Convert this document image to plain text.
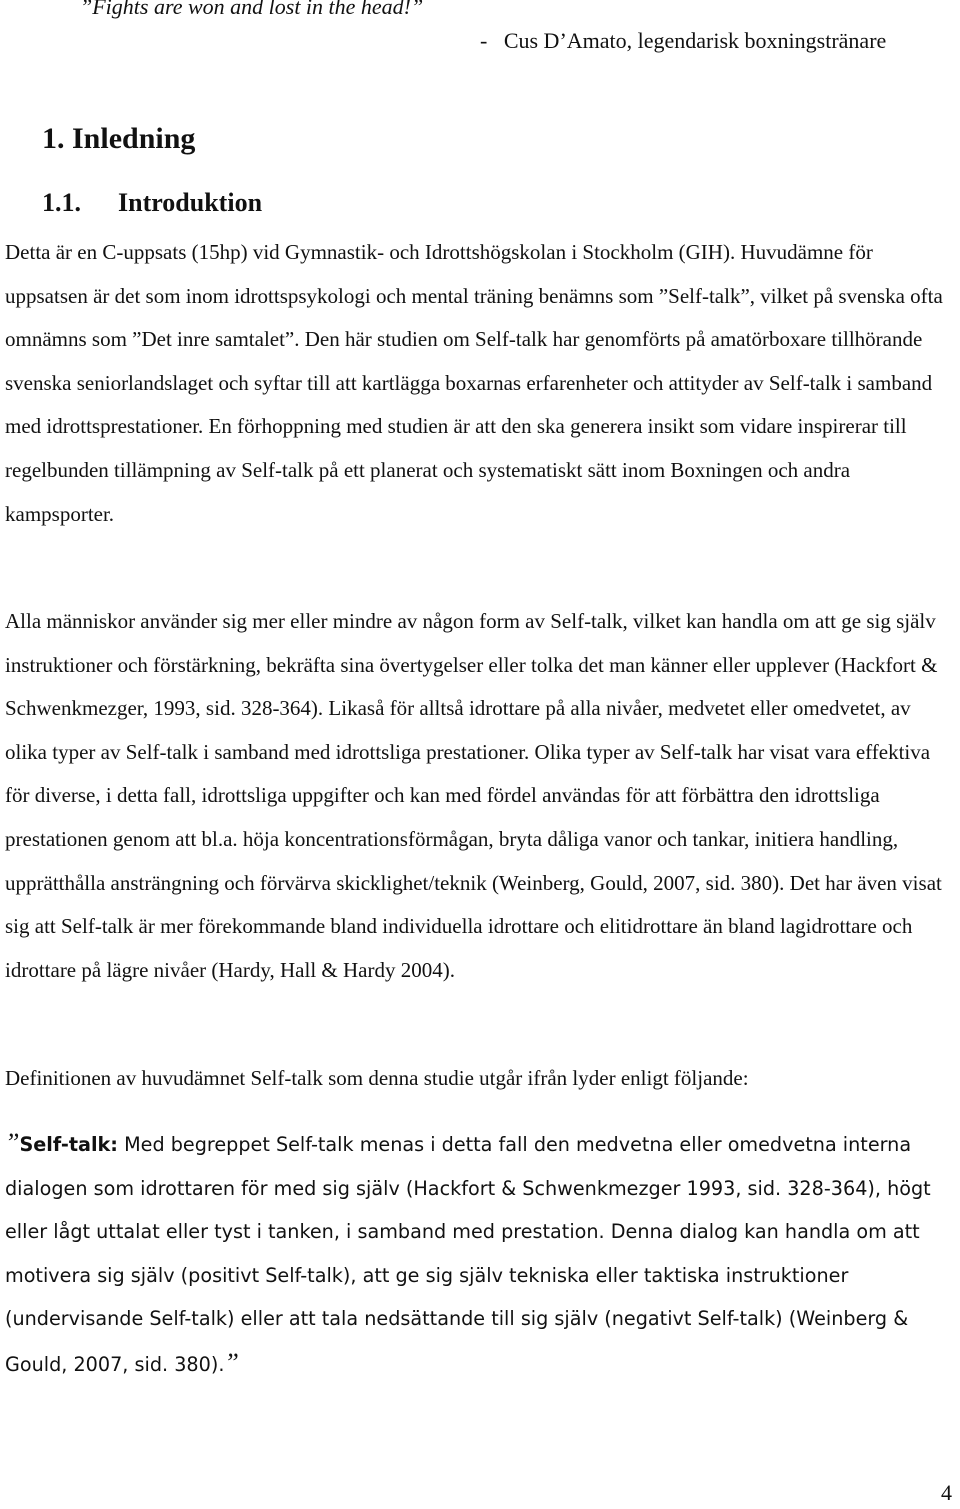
”Fights are won and lost in the head!”

-   Cus D’Amato, legendarisk boxningstränare

1. Inledning
1.1. Introduktion

Detta är en C-uppsats (15hp) vid Gymnastik- och Idrottshögskolan i Stockholm (GIH). Huvudämne för uppsatsen är det som inom idrottspsykologi och mental träning benämns som ”Self-talk”, vilket på svenska ofta omnämns som ”Det inre samtalet”. Den här studien om Self-talk har genomförts på amatörboxare tillhörande svenska seniorlandslaget och syftar till att kartlägga boxarnas erfarenheter och attityder av Self-talk i samband med idrottsprestationer. En förhoppning med studien är att den ska generera insikt som vidare inspirerar till regelbunden tillämpning av Self-talk på ett planerat och systematiskt sätt inom Boxningen och andra kampsporter.

Alla människor använder sig mer eller mindre av någon form av Self-talk, vilket kan handla om att ge sig själv instruktioner och förstärkning, bekräfta sina övertygelser eller tolka det man känner eller upplever (Hackfort & Schwenkmezger, 1993, sid. 328-364). Likaså för alltså idrottare på alla nivåer, medvetet eller omedvetet, av olika typer av Self-talk i samband med idrottsliga prestationer. Olika typer av Self-talk har visat vara effektiva för diverse, i detta fall, idrottsliga uppgifter och kan med fördel användas för att förbättra den idrottsliga prestationen genom att bl.a. höja koncentrationsförmågan, bryta dåliga vanor och tankar, initiera handling, upprätthålla ansträngning och förvärva skicklighet/teknik (Weinberg, Gould, 2007, sid. 380). Det har även visat sig att Self-talk är mer förekommande bland individuella idrottare och elitidrottare än bland lagidrottare och idrottare på lägre nivåer (Hardy, Hall & Hardy 2004).

Definitionen av huvudämnet Self-talk som denna studie utgår ifrån lyder enligt följande:

”Self-talk: Med begreppet Self-talk menas i detta fall den medvetna eller omedvetna interna dialogen som idrottaren för med sig själv (Hackfort & Schwenkmezger 1993, sid. 328-364), högt eller lågt uttalat eller tyst i tanken, i samband med prestation. Denna dialog kan handla om att motivera sig själv (positivt Self-talk), att ge sig själv tekniska eller taktiska instruktioner (undervisande Self-talk) eller att tala nedsättande till sig själv (negativt Self-talk) (Weinberg & Gould, 2007, sid. 380).”

4
